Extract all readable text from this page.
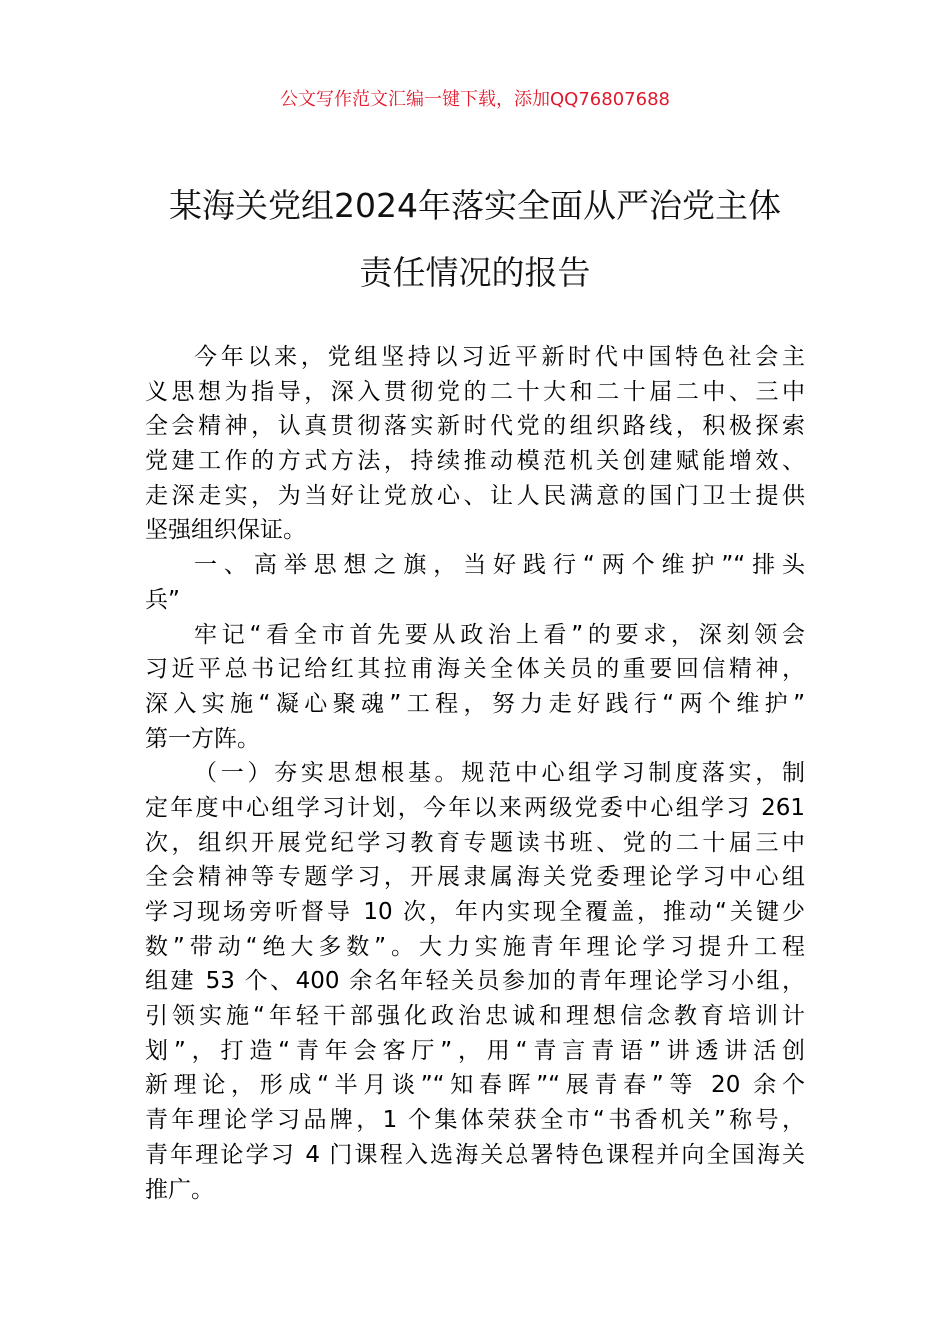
公文写作范文汇编一键下载，添加QQ76807688
某海关党组2024年落实全面从严治党主体
责任情况的报告
今年以来，党组坚持以习近平新时代中国特色社会主
义思想为指导，深入贯彻党的二十大和二十届二中、三中
全会精神，认真贯彻落实新时代党的组织路线，积极探索
党建工作的方式方法，持续推动模范机关创建赋能增效、
走深走实，为当好让党放心、让人民满意的国门卫士提供
坚强组织保证。
一、高举思想之旗，当好践行“两个维护”“排头
兵”
牢记“看全市首先要从政治上看”的要求，深刻领会
习近平总书记给红其拉甫海关全体关员的重要回信精神，
深入实施“凝心聚魂”工程，努力走好践行“两个维护”
第一方阵。
（一）夯实思想根基。规范中心组学习制度落实，制
定年度中心组学习计划，今年以来两级党委中心组学习 261
次，组织开展党纪学习教育专题读书班、党的二十届三中
全会精神等专题学习，开展隶属海关党委理论学习中心组
学习现场旁听督导 10 次，年内实现全覆盖，推动“关键少
数”带动“绝大多数”。大力实施青年理论学习提升工程
组建 53 个、400 余名年轻关员参加的青年理论学习小组，
引领实施“年轻干部强化政治忠诚和理想信念教育培训计
划”，打造“青年会客厅”，用“青言青语”讲透讲活创
新理论，形成“半月谈”“知春晖”“展青春”等 20 余个
青年理论学习品牌，1 个集体荣获全市“书香机关”称号，
青年理论学习 4 门课程入选海关总署特色课程并向全国海关
推广。
